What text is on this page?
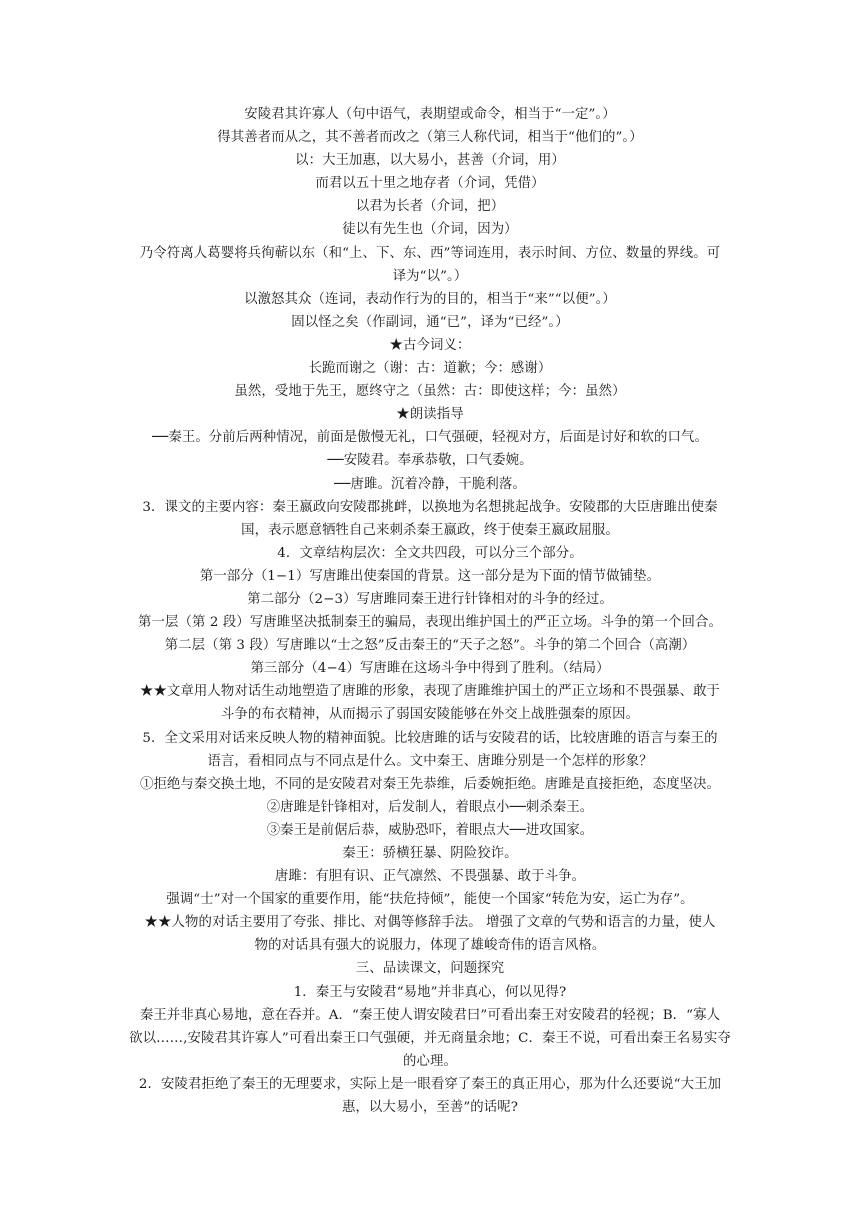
安陵君其许寡人（句中语气，表期望或命令，相当于“一定”。）
得其善者而从之，其不善者而改之（第三人称代词，相当于“他们的”。）
以：大王加惠，以大易小，甚善（介词，用）
而君以五十里之地存者（介词，凭借）
以君为长者（介词，把）
徒以有先生也（介词，因为）
乃令符离人葛婴将兵徇蕲以东（和“上、下、东、西”等词连用，表示时间、方位、数量的界线。可
译为“以”。）
以激怒其众（连词，表动作行为的目的，相当于“来”“以便”。）
固以怪之矣（作副词，通“已”，译为“已经”。）
★古今词义：
长跪而谢之（谢：古：道歉；今：感谢）
虽然，受地于先王，愿终守之（虽然：古：即使这样；今：虽然）
★朗读指导
──秦王。分前后两种情况，前面是傲慢无礼，口气强硬，轻视对方，后面是讨好和软的口气。
──安陵君。奉承恭敬，口气委婉。
──唐雎。沉着冷静，干脆利落。
3．课文的主要内容：秦王嬴政向安陵郡挑衅，以换地为名想挑起战争。安陵郡的大臣唐雎出使秦
国，表示愿意牺牲自己来刺杀秦王嬴政，终于使秦王嬴政屈服。
4．文章结构层次：全文共四段，可以分三个部分。
第一部分（1−1）写唐雎出使秦国的背景。这一部分是为下面的情节做铺垫。
第二部分（2−3）写唐雎同秦王进行针锋相对的斗争的经过。
第一层（第 2 段）写唐雎坚决抵制秦王的骗局，表现出维护国土的严正立场。斗争的第一个回合。
第二层（第 3 段）写唐雎以“士之怒”反击秦王的“天子之怒”。斗争的第二个回合（高潮）
第三部分（4−4）写唐雎在这场斗争中得到了胜利。（结局）
★★文章用人物对话生动地塑造了唐雎的形象，表现了唐雎维护国土的严正立场和不畏强暴、敢于
斗争的布衣精神，从而揭示了弱国安陵能够在外交上战胜强秦的原因。
5．全文采用对话来反映人物的精神面貌。比较唐雎的话与安陵君的话，比较唐雎的语言与秦王的
语言，看相同点与不同点是什么。文中秦王、唐雎分别是一个怎样的形象？
①拒绝与秦交换土地，不同的是安陵君对秦王先恭维，后委婉拒绝。唐雎是直接拒绝，态度坚决。
②唐雎是针锋相对，后发制人，着眼点小──刺杀秦王。
③秦王是前倨后恭，威胁恐吓，着眼点大──进攻国家。
秦王：骄横狂暴、阴险狡诈。
唐雎：有胆有识、正气凛然、不畏强暴、敢于斗争。
强调“士”对一个国家的重要作用，能“扶危持倾”，能使一个国家“转危为安，运亡为存”。
★★人物的对话主要用了夸张、排比、对偶等修辞手法。 增强了文章的气势和语言的力量，使人
物的对话具有强大的说服力，体现了雄峻奇伟的语言风格。
三、品读课文，问题探究
1．秦王与安陵君“易地”并非真心，何以见得?
秦王并非真心易地，意在吞并。A．“秦王使人谓安陵君曰”可看出秦王对安陵君的轻视；B．“寡人
欲以……,安陵君其许寡人”可看出秦王口气强硬，并无商量余地；C．秦王不说，可看出秦王名易实夺
的心理。
2．安陵君拒绝了秦王的无理要求，实际上是一眼看穿了秦王的真正用心，那为什么还要说“大王加
惠，以大易小，至善”的话呢?
